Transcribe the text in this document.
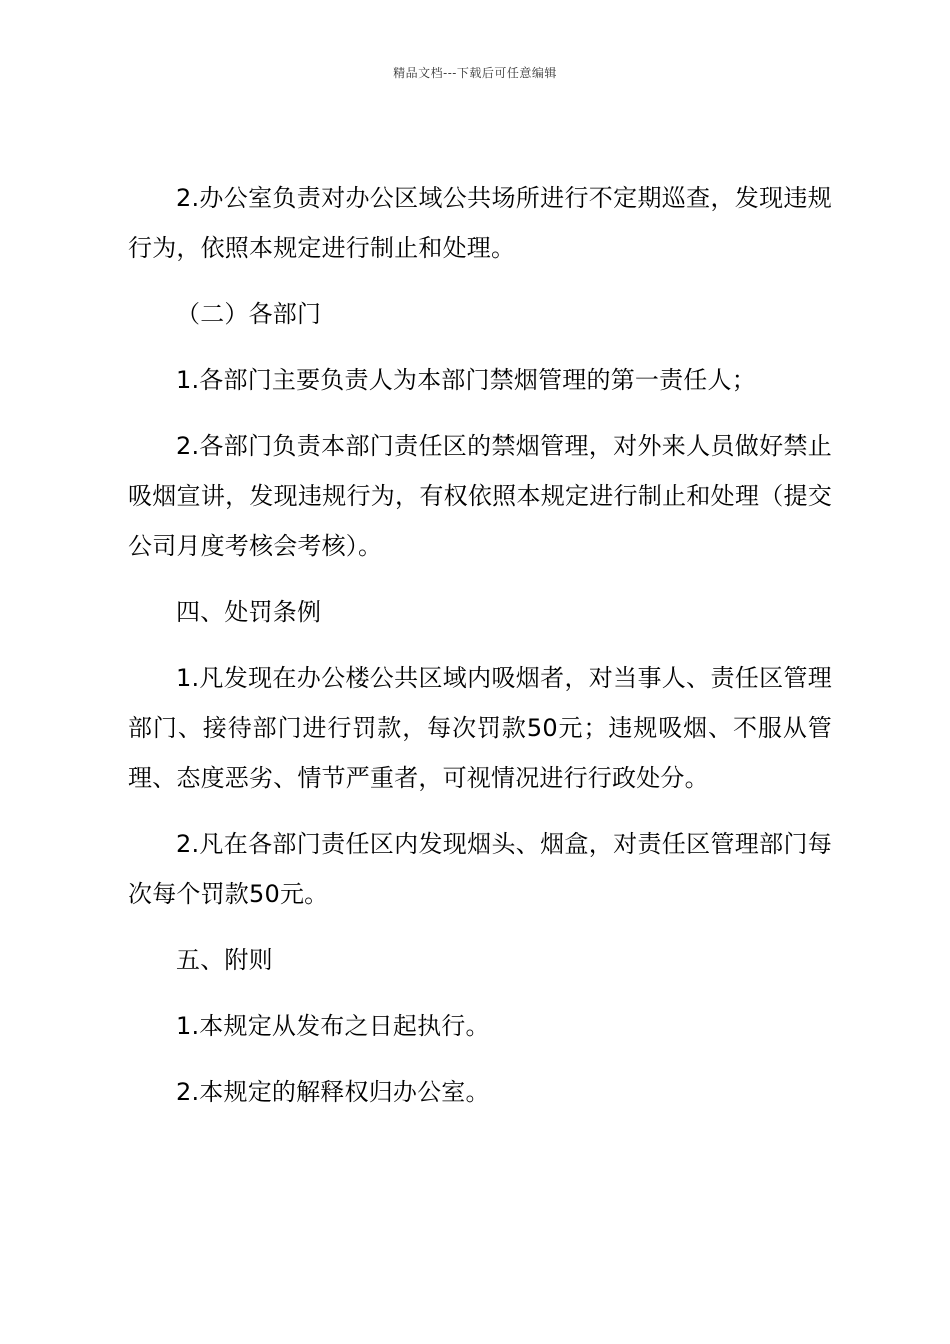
精品文档---下载后可任意编辑

2.办公室负责对办公区域公共场所进行不定期巡查，发现违规行为，依照本规定进行制止和处理。

（二）各部门

1.各部门主要负责人为本部门禁烟管理的第一责任人；

2.各部门负责本部门责任区的禁烟管理，对外来人员做好禁止吸烟宣讲，发现违规行为，有权依照本规定进行制止和处理（提交公司月度考核会考核）。

四、处罚条例

1.凡发现在办公楼公共区域内吸烟者，对当事人、责任区管理部门、接待部门进行罚款，每次罚款50元；违规吸烟、不服从管理、态度恶劣、情节严重者，可视情况进行行政处分。

2.凡在各部门责任区内发现烟头、烟盒，对责任区管理部门每次每个罚款50元。

五、附则

1.本规定从发布之日起执行。

2.本规定的解释权归办公室。
